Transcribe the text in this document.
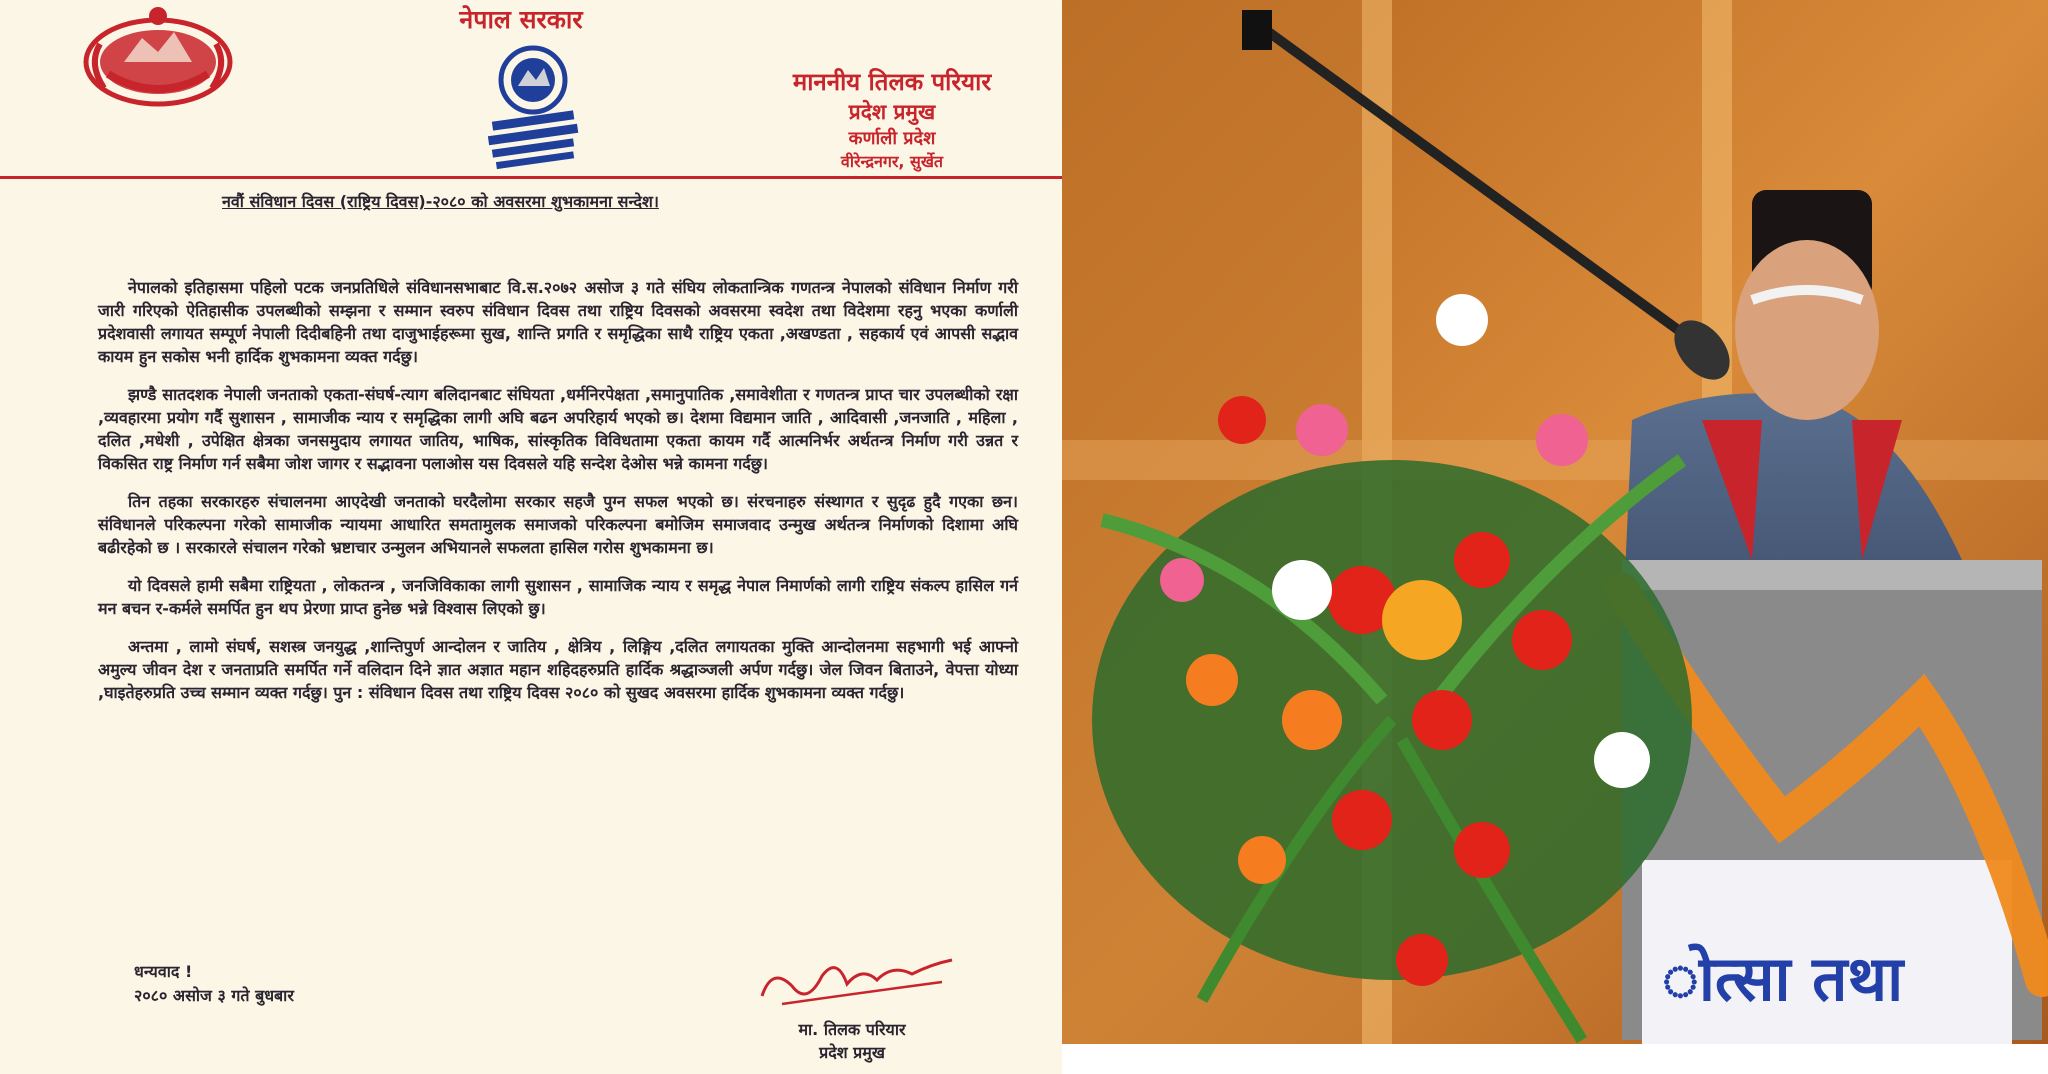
नेपाल सरकार
माननीय तिलक परियार
प्रदेश प्रमुख
कर्णाली प्रदेश
वीरेन्द्रनगर, सुर्खेत
नवौं संविधान दिवस (राष्ट्रिय दिवस)-२०८० को अवसरमा शुभकामना सन्देश।

नेपालको इतिहासमा पहिलो पटक जनप्रतिधिले संविधानसभाबाट वि.स.२०७२ असोज ३ गते संघिय लोकतान्त्रिक गणतन्त्र नेपालको संविधान निर्माण गरी जारी गरिएको ऐतिहासीक उपलब्धीको सम्झना र सम्मान स्वरुप संविधान दिवस तथा राष्ट्रिय दिवसको अवसरमा स्वदेश तथा विदेशमा रहनु भएका कर्णाली प्रदेशवासी लगायत सम्पूर्ण नेपाली दिदीबहिनी तथा दाजुभाईहरूमा सुख, शान्ति प्रगति र समृद्धिका साथै राष्ट्रिय एकता ,अखण्डता , सहकार्य एवं आपसी सद्भाव कायम हुन सकोस भनी हार्दिक शुभकामना व्यक्त गर्दछु।

झण्डै सातदशक नेपाली जनताको एकता-संघर्ष-त्याग बलिदानबाट संघियता ,धर्मनिरपेक्षता ,समानुपातिक ,समावेशीता र गणतन्त्र प्राप्त चार उपलब्धीको रक्षा ,व्यवहारमा प्रयोग गर्दै सुशासन , सामाजीक न्याय र समृद्धिका लागी अघि बढन अपरिहार्य भएको छ। देशमा विद्यमान जाति , आदिवासी ,जनजाति , महिला , दलित ,मधेशी , उपेक्षित क्षेत्रका जनसमुदाय लगायत जातिय, भाषिक, सांस्कृतिक विविधतामा एकता कायम गर्दै आत्मनिर्भर अर्थतन्त्र निर्माण गरी उन्नत र विकसित राष्ट्र निर्माण गर्न सबैमा जोश जागर र सद्भावना पलाओस यस दिवसले यहि सन्देश देओस भन्ने कामना गर्दछु।

तिन तहका सरकारहरु संचालनमा आएदेखी जनताको घरदैलोमा सरकार सहजै पुग्न सफल भएको छ। संरचनाहरु संस्थागत र सुदृढ हुदै गएका छन। संविधानले परिकल्पना गरेको सामाजीक न्यायमा आधारित समतामुलक समाजको परिकल्पना बमोजिम समाजवाद उन्मुख अर्थतन्त्र निर्माणको दिशामा अघि बढीरहेको छ । सरकारले संचालन गरेको भ्रष्टाचार उन्मुलन अभियानले सफलता हासिल गरोस शुभकामना छ।

यो दिवसले हामी सबैमा राष्ट्रियता , लोकतन्त्र , जनजिविकाका लागी सुशासन , सामाजिक न्याय र समृद्ध नेपाल निमार्णको लागी राष्ट्रिय संकल्प हासिल गर्न मन बचन र-कर्मले समर्पित हुन थप प्रेरणा प्राप्त हुनेछ भन्ने विश्वास लिएको छु।

अन्तमा , लामो संघर्ष, सशस्त्र जनयुद्ध ,शान्तिपुर्ण आन्दोलन र जातिय , क्षेत्रिय , लिङ्गिय ,दलित लगायतका मुक्ति आन्दोलनमा सहभागी भई आफ्नो अमुल्य जीवन देश र जनताप्रति समर्पित गर्ने वलिदान दिने ज्ञात अज्ञात महान शहिदहरुप्रति हार्दिक श्रद्धाञ्जली अर्पण गर्दछु। जेल जिवन बिताउने, वेपत्ता योध्या ,घाइतेहरुप्रति उच्च सम्मान व्यक्त गर्दछु। पुन : संविधान दिवस तथा राष्ट्रिय दिवस २०८० को सुखद अवसरमा हार्दिक शुभकामना व्यक्त गर्दछु।

धन्यवाद !
२०८० असोज ३ गते बुधबार
मा. तिलक परियार
प्रदेश प्रमुख
ोत्सा तथा
